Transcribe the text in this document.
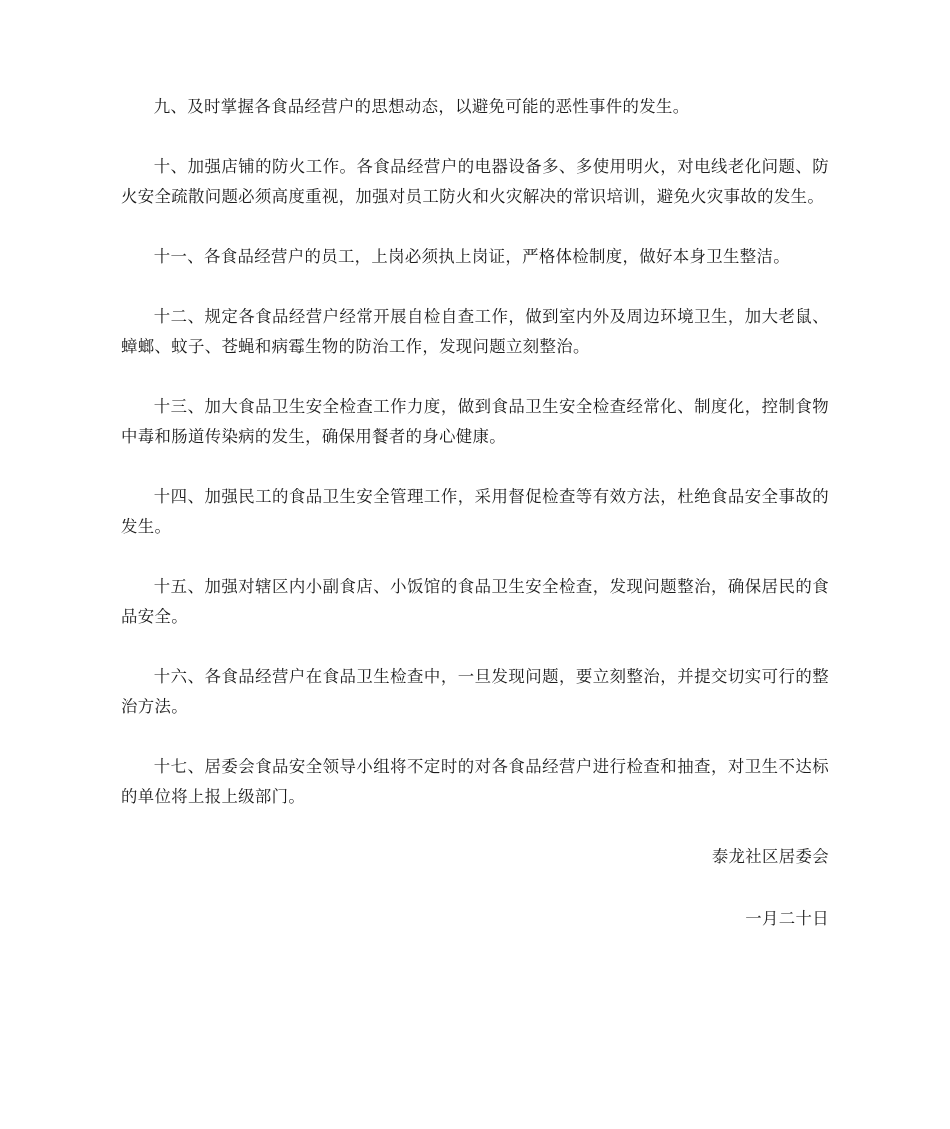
九、及时掌握各食品经营户的思想动态，以避免可能的恶性事件的发生。

十、加强店铺的防火工作。各食品经营户的电器设备多、多使用明火，对电线老化问题、防火安全疏散问题必须高度重视，加强对员工防火和火灾解决的常识培训，避免火灾事故的发生。

十一、各食品经营户的员工，上岗必须执上岗证，严格体检制度，做好本身卫生整洁。

十二、规定各食品经营户经常开展自检自查工作，做到室内外及周边环境卫生，加大老鼠、蟑螂、蚊子、苍蝇和病霉生物的防治工作，发现问题立刻整治。

十三、加大食品卫生安全检查工作力度，做到食品卫生安全检查经常化、制度化，控制食物中毒和肠道传染病的发生，确保用餐者的身心健康。

十四、加强民工的食品卫生安全管理工作，采用督促检查等有效方法，杜绝食品安全事故的发生。

十五、加强对辖区内小副食店、小饭馆的食品卫生安全检查，发现问题整治，确保居民的食品安全。

十六、各食品经营户在食品卫生检查中，一旦发现问题，要立刻整治，并提交切实可行的整治方法。

十七、居委会食品安全领导小组将不定时的对各食品经营户进行检查和抽查，对卫生不达标的单位将上报上级部门。

泰龙社区居委会

一月二十日
